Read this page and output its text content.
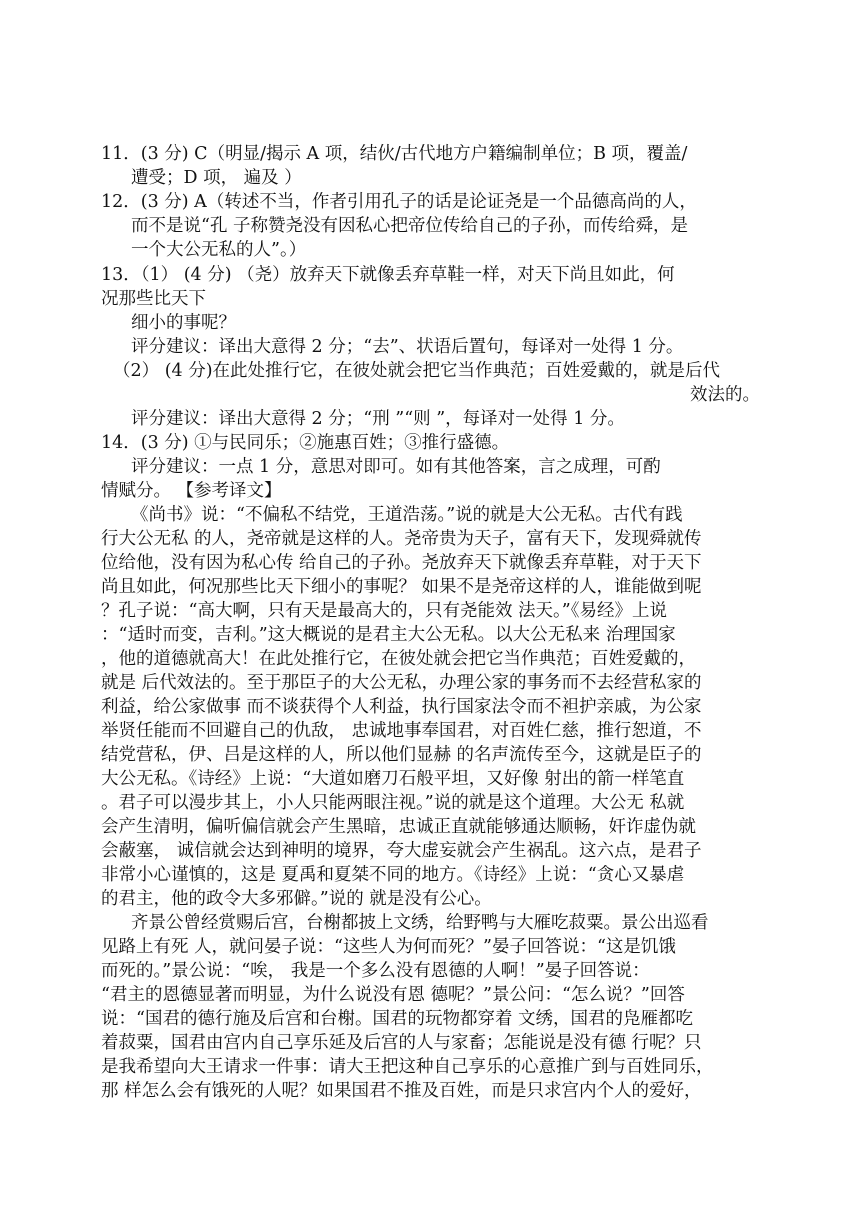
11．(3 分) C（明显/揭示 A 项，结伙/古代地方户籍编制单位；B 项，覆盖/
遭受；D 项， 遍及 ）
12．(3 分) A（转述不当，作者引用孔子的话是论证尧是一个品德高尚的人，
而不是说“孔 子称赞尧没有因私心把帝位传给自己的子孙，而传给舜，是
一个大公无私的人”。）
13．（1） (4 分) （尧）放弃天下就像丢弃草鞋一样，对天下尚且如此，何
况那些比天下
细小的事呢？
评分建议：译出大意得 2 分；“去”、状语后置句，每译对一处得 1 分。
（2） (4 分)在此处推行它，在彼处就会把它当作典范；百姓爱戴的，就是后代
效法的。
评分建议：译出大意得 2 分；“刑 ”“则 ”，每译对一处得 1 分。
14．(3 分) ①与民同乐；②施惠百姓；③推行盛德。
评分建议：一点 1 分，意思对即可。如有其他答案，言之成理，可酌
情赋分。 【参考译文】
《尚书》说：“不偏私不结党，王道浩荡。”说的就是大公无私。古代有践
行大公无私 的人，尧帝就是这样的人。尧帝贵为天子，富有天下，发现舜就传
位给他，没有因为私心传 给自己的子孙。尧放弃天下就像丢弃草鞋，对于天下
尚且如此，何况那些比天下细小的事呢？ 如果不是尧帝这样的人，谁能做到呢
？孔子说：“高大啊，只有天是最高大的，只有尧能效 法天。”《易经》上说
：“适时而变，吉利。”这大概说的是君主大公无私。以大公无私来 治理国家
，他的道德就高大！在此处推行它，在彼处就会把它当作典范；百姓爱戴的，
就是 后代效法的。至于那臣子的大公无私，办理公家的事务而不去经营私家的
利益，给公家做事 而不谈获得个人利益，执行国家法令而不袒护亲戚，为公家
举贤任能而不回避自己的仇敌， 忠诚地事奉国君，对百姓仁慈，推行恕道，不
结党营私，伊、吕是这样的人，所以他们显赫 的名声流传至今，这就是臣子的
大公无私。《诗经》上说：“大道如磨刀石般平坦，又好像 射出的箭一样笔直
。君子可以漫步其上，小人只能两眼注视。”说的就是这个道理。大公无 私就
会产生清明，偏听偏信就会产生黑暗，忠诚正直就能够通达顺畅，奸诈虚伪就
会蔽塞， 诚信就会达到神明的境界，夸大虚妄就会产生祸乱。这六点，是君子
非常小心谨慎的，这是 夏禹和夏桀不同的地方。《诗经》上说：“贪心又暴虐
的君主，他的政令大多邪僻。”说的 就是没有公心。
齐景公曾经赏赐后宫，台榭都披上文绣，给野鸭与大雁吃菽粟。景公出巡看
见路上有死 人，就问晏子说：“这些人为何而死？”晏子回答说：“这是饥饿
而死的。”景公说：“唉， 我是一个多么没有恩德的人啊！”晏子回答说：
“君主的恩德显著而明显，为什么说没有恩 德呢？”景公问：“怎么说？”回答
说：“国君的德行施及后宫和台榭。国君的玩物都穿着 文绣，国君的凫雁都吃
着菽粟，国君由宫内自己享乐延及后宫的人与家畜；怎能说是没有德 行呢？只
是我希望向大王请求一件事：请大王把这种自己享乐的心意推广到与百姓同乐，
那 样怎么会有饿死的人呢？如果国君不推及百姓，而是只求宫内个人的爱好，
